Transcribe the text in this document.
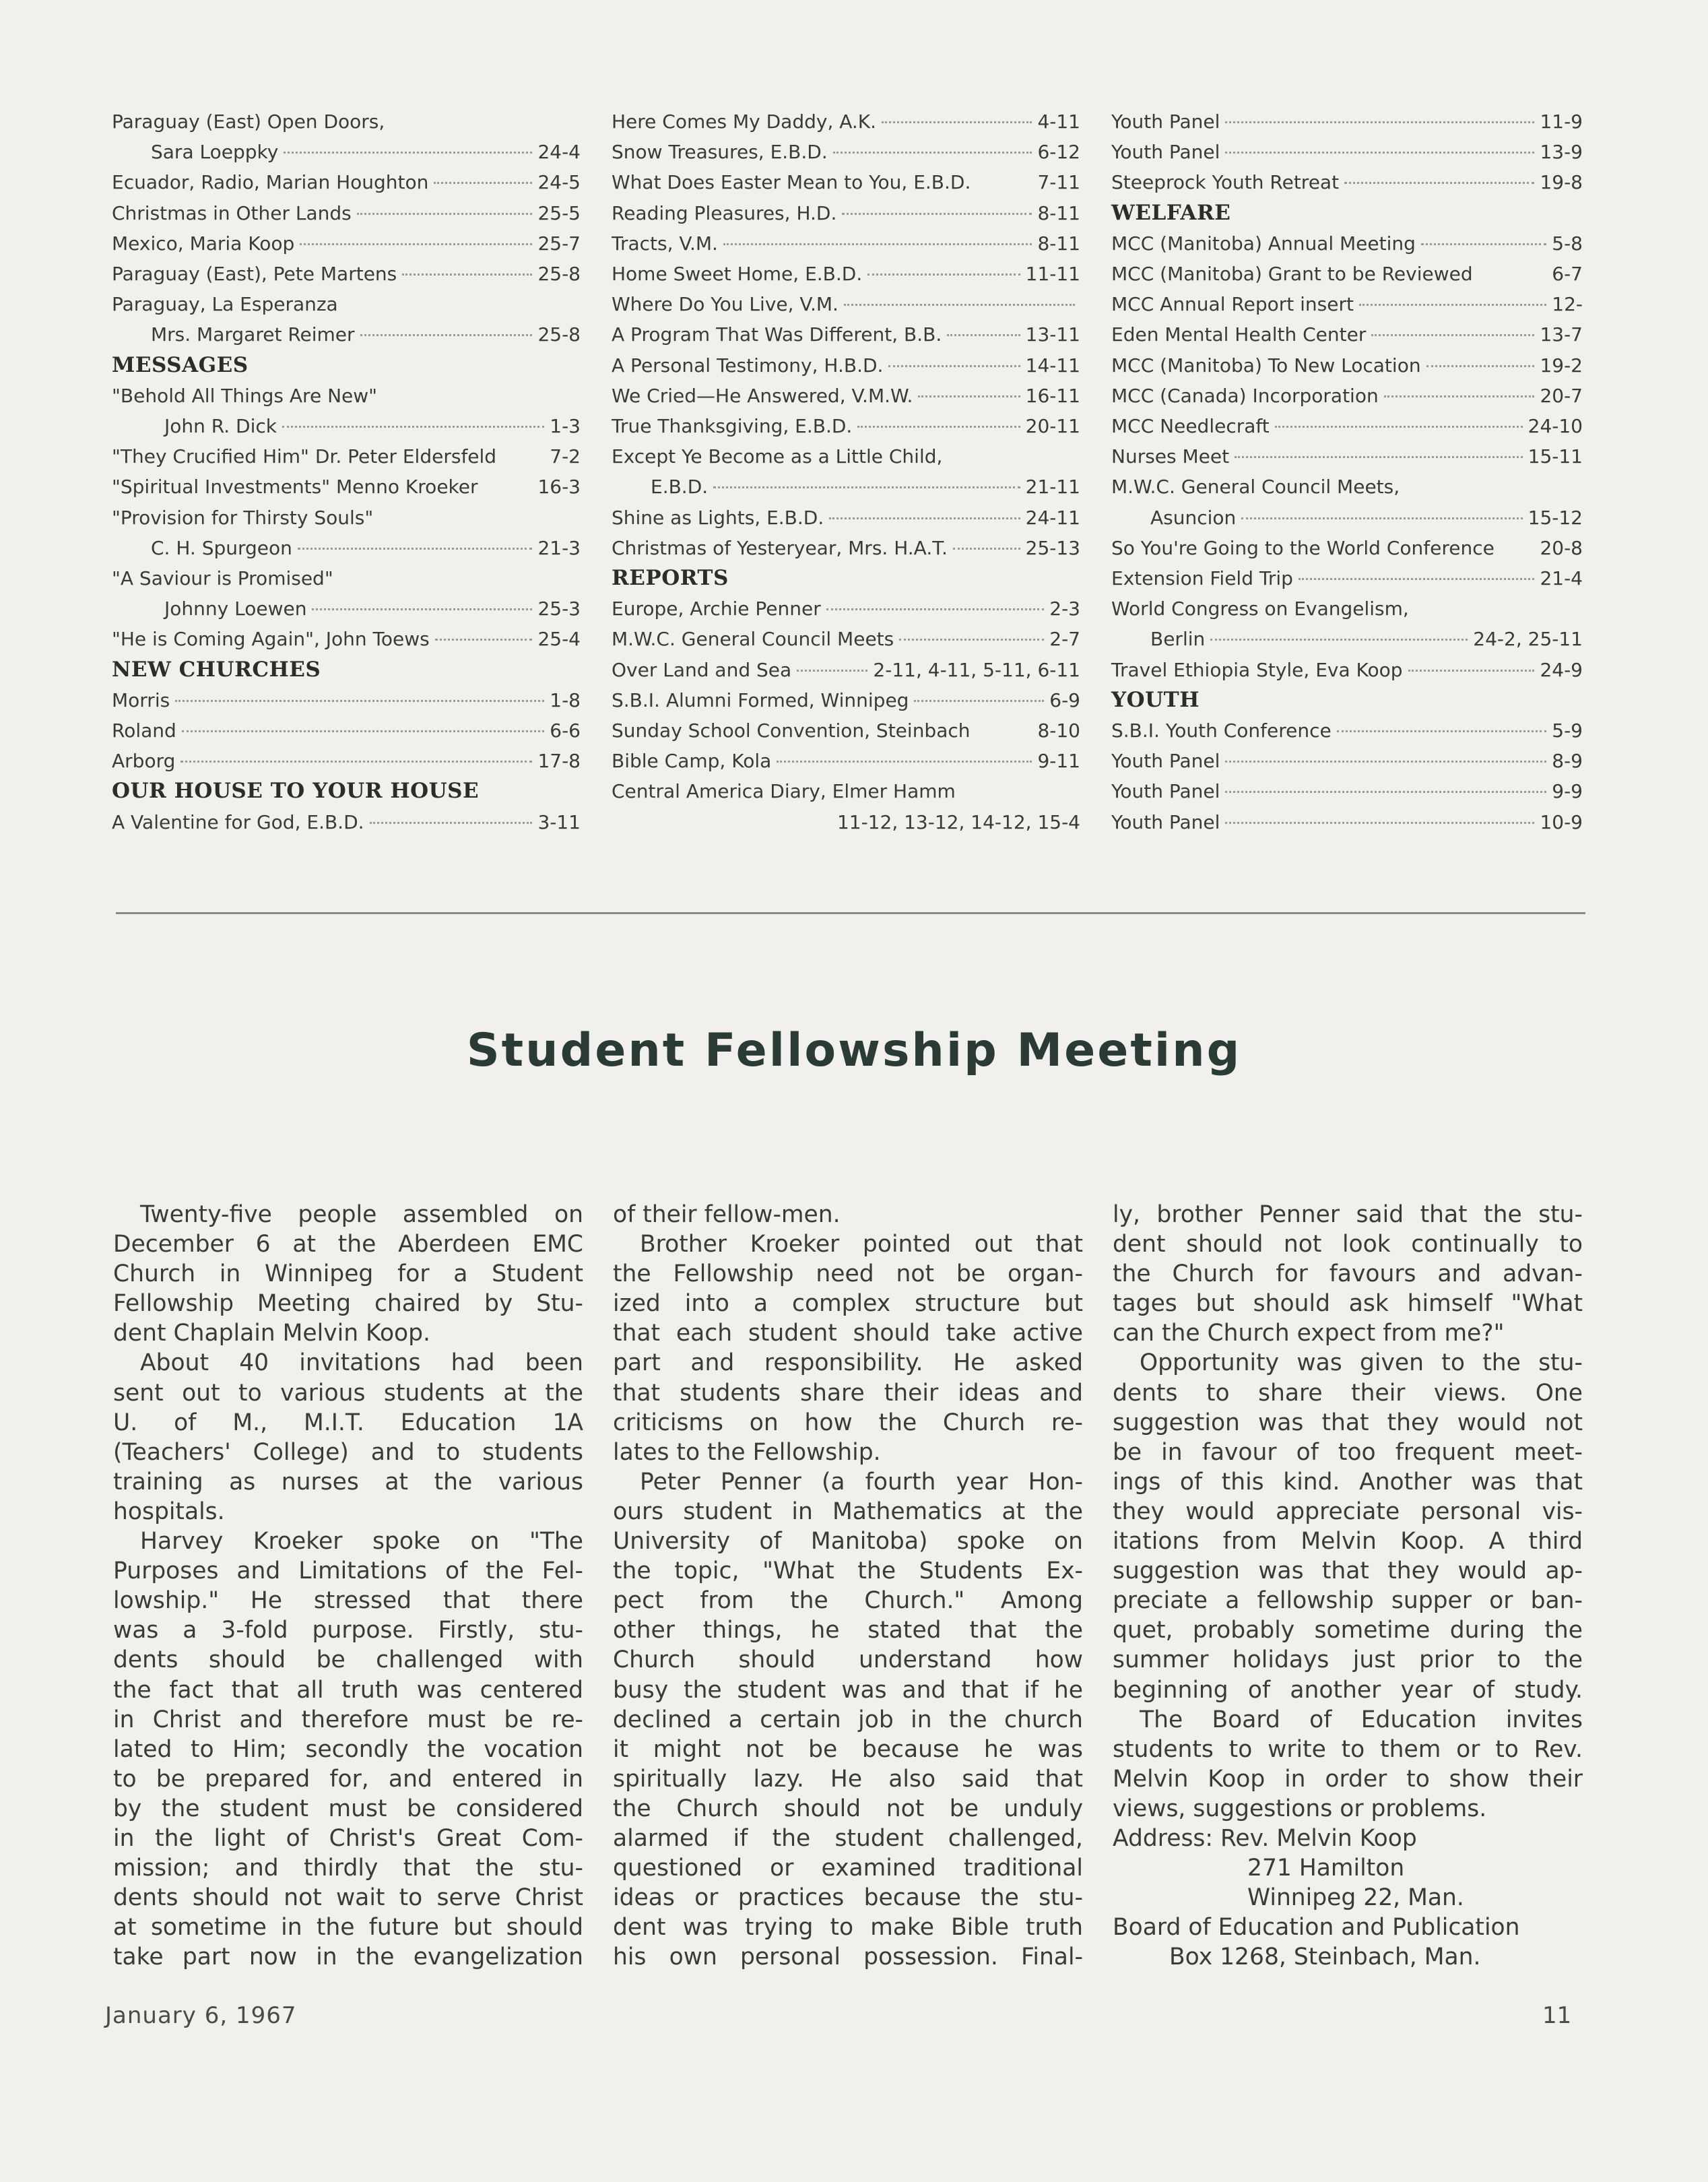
Paraguay (East) Open Doors,
Sara Loeppky	24-4
Ecuador, Radio, Marian Houghton	24-5
Christmas in Other Lands	25-5
Mexico, Maria Koop	25-7
Paraguay (East), Pete Martens	25-8
Paraguay, La Esperanza
Mrs. Margaret Reimer	25-8
MESSAGES
"Behold All Things Are New"
John R. Dick	1-3
"They Crucified Him" Dr. Peter Eldersfeld	7-2
"Spiritual Investments" Menno Kroeker	16-3
"Provision for Thirsty Souls"
C. H. Spurgeon	21-3
"A Saviour is Promised"
Johnny Loewen	25-3
"He is Coming Again", John Toews	25-4
NEW CHURCHES
Morris	1-8
Roland	6-6
Arborg	17-8
OUR HOUSE TO YOUR HOUSE
A Valentine for God, E.B.D.	3-11
Here Comes My Daddy, A.K.	4-11
Snow Treasures, E.B.D.	6-12
What Does Easter Mean to You, E.B.D.	7-11
Reading Pleasures, H.D.	8-11
Tracts, V.M.	8-11
Home Sweet Home, E.B.D.	11-11
Where Do You Live, V.M.
A Program That Was Different, B.B.	13-11
A Personal Testimony, H.B.D.	14-11
We Cried—He Answered, V.M.W.	16-11
True Thanksgiving, E.B.D.	20-11
Except Ye Become as a Little Child,
E.B.D.	21-11
Shine as Lights, E.B.D.	24-11
Christmas of Yesteryear, Mrs. H.A.T.	25-13
REPORTS
Europe, Archie Penner	2-3
M.W.C. General Council Meets	2-7
Over Land and Sea	2-11, 4-11, 5-11, 6-11
S.B.I. Alumni Formed, Winnipeg	6-9
Sunday School Convention, Steinbach	8-10
Bible Camp, Kola	9-11
Central America Diary, Elmer Hamm
11-12, 13-12, 14-12, 15-4
Youth Panel	11-9
Youth Panel	13-9
Steeprock Youth Retreat	19-8
WELFARE
MCC (Manitoba) Annual Meeting	5-8
MCC (Manitoba) Grant to be Reviewed	6-7
MCC Annual Report insert	12-
Eden Mental Health Center	13-7
MCC (Manitoba) To New Location	19-2
MCC (Canada) Incorporation	20-7
MCC Needlecraft	24-10
Nurses Meet	15-11
M.W.C. General Council Meets,
Asuncion	15-12
So You're Going to the World Conference 20-8
Extension Field Trip	21-4
World Congress on Evangelism,
Berlin	24-2, 25-11
Travel Ethiopia Style, Eva Koop	24-9
YOUTH
S.B.I. Youth Conference	5-9
Youth Panel	8-9
Youth Panel	9-9
Youth Panel	10-9
Student Fellowship Meeting
Twenty-five people assembled on
December 6 at the Aberdeen EMC
Church in Winnipeg for a Student
Fellowship Meeting chaired by Stu-
dent Chaplain Melvin Koop.
About 40 invitations had been
sent out to various students at the
U. of M., M.I.T. Education 1A
(Teachers' College) and to students
training as nurses at the various
hospitals.
Harvey Kroeker spoke on "The
Purposes and Limitations of the Fel-
lowship." He stressed that there
was a 3-fold purpose. Firstly, stu-
dents should be challenged with
the fact that all truth was centered
in Christ and therefore must be re-
lated to Him; secondly the vocation
to be prepared for, and entered in
by the student must be considered
in the light of Christ's Great Com-
mission; and thirdly that the stu-
dents should not wait to serve Christ
at sometime in the future but should
take part now in the evangelization
of their fellow-men.
Brother Kroeker pointed out that
the Fellowship need not be organ-
ized into a complex structure but
that each student should take active
part and responsibility. He asked
that students share their ideas and
criticisms on how the Church re-
lates to the Fellowship.
Peter Penner (a fourth year Hon-
ours student in Mathematics at the
University of Manitoba) spoke on
the topic, "What the Students Ex-
pect from the Church." Among
other things, he stated that the
Church should understand how
busy the student was and that if he
declined a certain job in the church
it might not be because he was
spiritually lazy. He also said that
the Church should not be unduly
alarmed if the student challenged,
questioned or examined traditional
ideas or practices because the stu-
dent was trying to make Bible truth
his own personal possession. Final-
ly, brother Penner said that the stu-
dent should not look continually to
the Church for favours and advan-
tages but should ask himself "What
can the Church expect from me?"
Opportunity was given to the stu-
dents to share their views. One
suggestion was that they would not
be in favour of too frequent meet-
ings of this kind. Another was that
they would appreciate personal vis-
itations from Melvin Koop. A third
suggestion was that they would ap-
preciate a fellowship supper or ban-
quet, probably sometime during the
summer holidays just prior to the
beginning of another year of study.
The Board of Education invites
students to write to them or to Rev.
Melvin Koop in order to show their
views, suggestions or problems.
Address: Rev. Melvin Koop
271 Hamilton
Winnipeg 22, Man.
Board of Education and Publication
Box 1268, Steinbach, Man.
January 6, 1967	11
